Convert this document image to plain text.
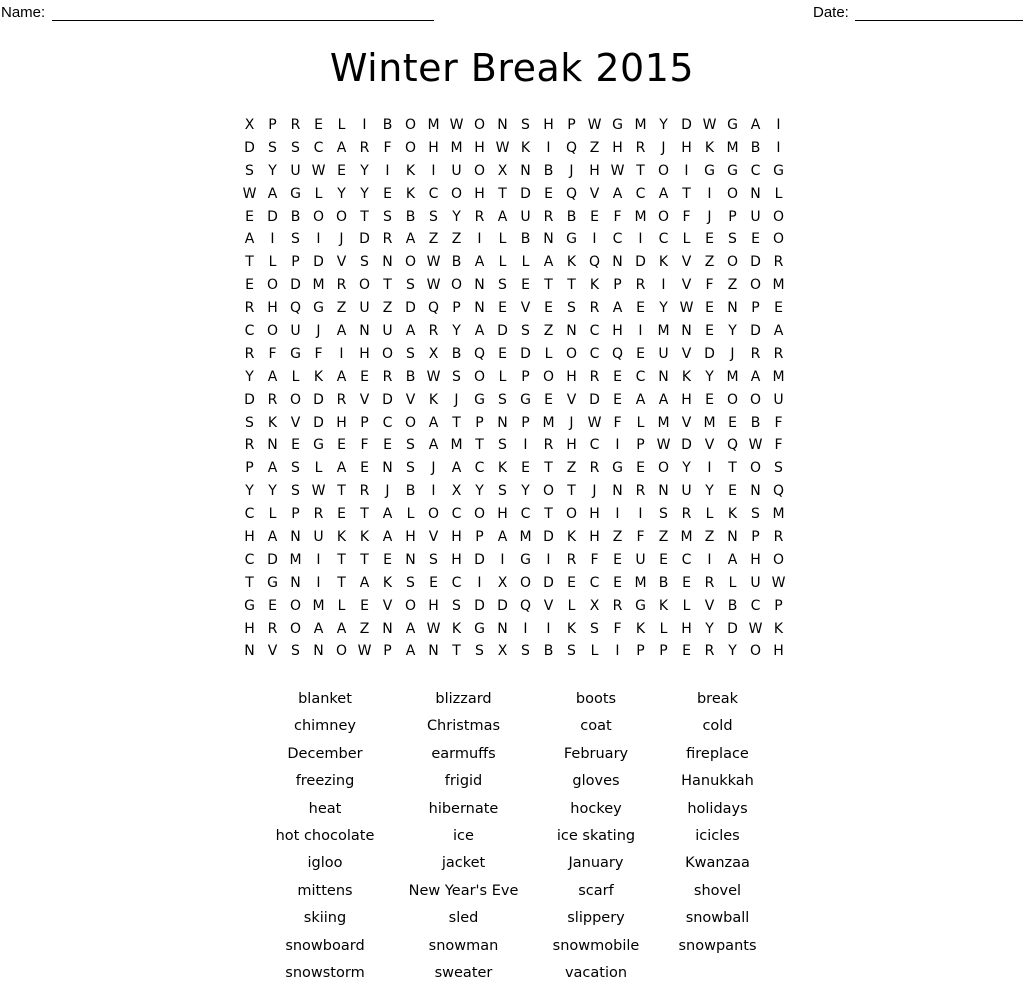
Name:	Date:
Winter Break 2015
X P R E	L	I	B O M W O N S H P W G M Y D W G A	I
D S	S C A R	F O H M H W K	I	Q Z H R	J	H K M B	I
S	Y U W E	Y	I	K	I	U O X N B	J	H W T O	I	G G C G
W A G L	Y	Y	E K C O H T D E Q V A C A T	I	O N L
E D B O O T	S B S	Y R A U R B E	F M O F	J	P U O
A	I	S	I	J	D R A Z Z	I	L	B N G	I	C	I	C	L	E	S	E O
T	L	P D V S N O W B A	L	L	A K Q N D K V Z O D R
E O D M R O T	S W O N S	E	T	T	K	P R	I	V	F	Z O M
R H Q G Z U Z D Q P N E V E	S R A E	Y W E N P	E
C O U	J	A N U A R Y A D S Z N C H	I	M N E	Y D A
R	F G F	I	H O S X B Q E D L O C Q E U V D	J	R R
Y A	L	K A E R B W S O L	P O H R E C N K	Y M A M
D R O D R V D V K	J	G S G E V D E A A H E O O U
S K V D H P C O A T	P N P M	J	W F	L M V M E B	F
R N E G E	F	E	S A M T	S	I	R H C	I	P W D V Q W F
P A S	L	A E N S	J	A C K E	T Z R G E O Y	I	T O S
Y	Y	S W T R	J	B	I	X Y	S	Y O T	J	N R N U Y	E N Q
C	L	P R E	T A	L O C O H C T O H	I	I	S R	L	K S M
H A N U K K A H V H P A M D K H Z	F	Z M Z N P R
C D M	I	T	T	E N S H D	I	G	I	R	F	E U E C	I	A H O
T G N	I	T A K S	E C	I	X O D E C E M B E R	L U W
G E O M L	E V O H S D D Q V	L	X R G K	L	V B C P
H R O A A Z N A W K G N	I	I	K S	F	K	L H Y D W K
N V S N O W P A N T	S X S B S	L	I	P	P	E R Y O H
blanket	blizzard	boots	break
chimney	Christmas	coat	cold
December	earmuffs	February	fireplace
freezing	frigid	gloves	Hanukkah
heat	hibernate	hockey	holidays
hot chocolate	ice	ice skating	icicles
igloo	jacket	January	Kwanzaa
mittens	New Year's Eve	scarf	shovel
skiing	sled	slippery	snowball
snowboard	snowman	snowmobile	snowpants
snowstorm	sweater	vacation
